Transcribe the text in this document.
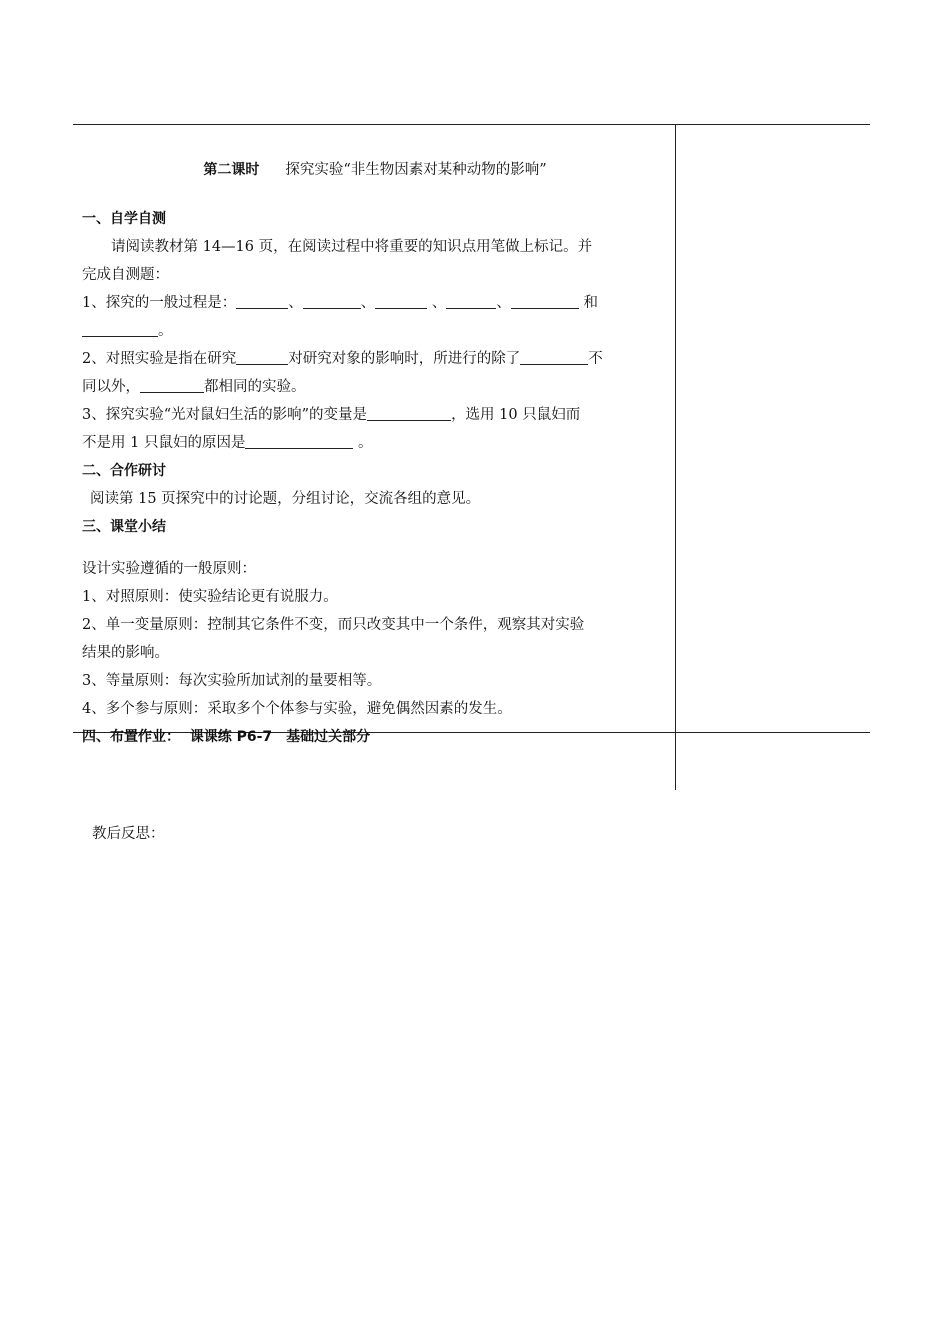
第二课时 探究实验“非生物因素对某种动物的影响”
一、自学自测

请阅读教材第 14—16 页，在阅读过程中将重要的知识点用笔做上标记。并

完成自测题：

1、探究的一般过程是：	、	、	、	、	和

。

2、对照实验是指在研究	对研究对象的影响时，所进行的除了	不

同以外，	都相同的实验。

3、探究实验“光对鼠妇生活的影响”的变量是	，选用 10 只鼠妇而

不是用 1 只鼠妇的原因是	。

二、合作研讨

阅读第 15 页探究中的讨论题，分组讨论，交流各组的意见。

三、课堂小结

设计实验遵循的一般原则：

1、对照原则：使实验结论更有说服力。

2、单一变量原则：控制其它条件不变，而只改变其中一个条件，观察其对实验

结果的影响。

3、等量原则：每次实验所加试剂的量要相等。

4、多个参与原则：采取多个个体参与实验，避免偶然因素的发生。

四、布置作业： 课课练 P6-7　基础过关部分
教后反思：
